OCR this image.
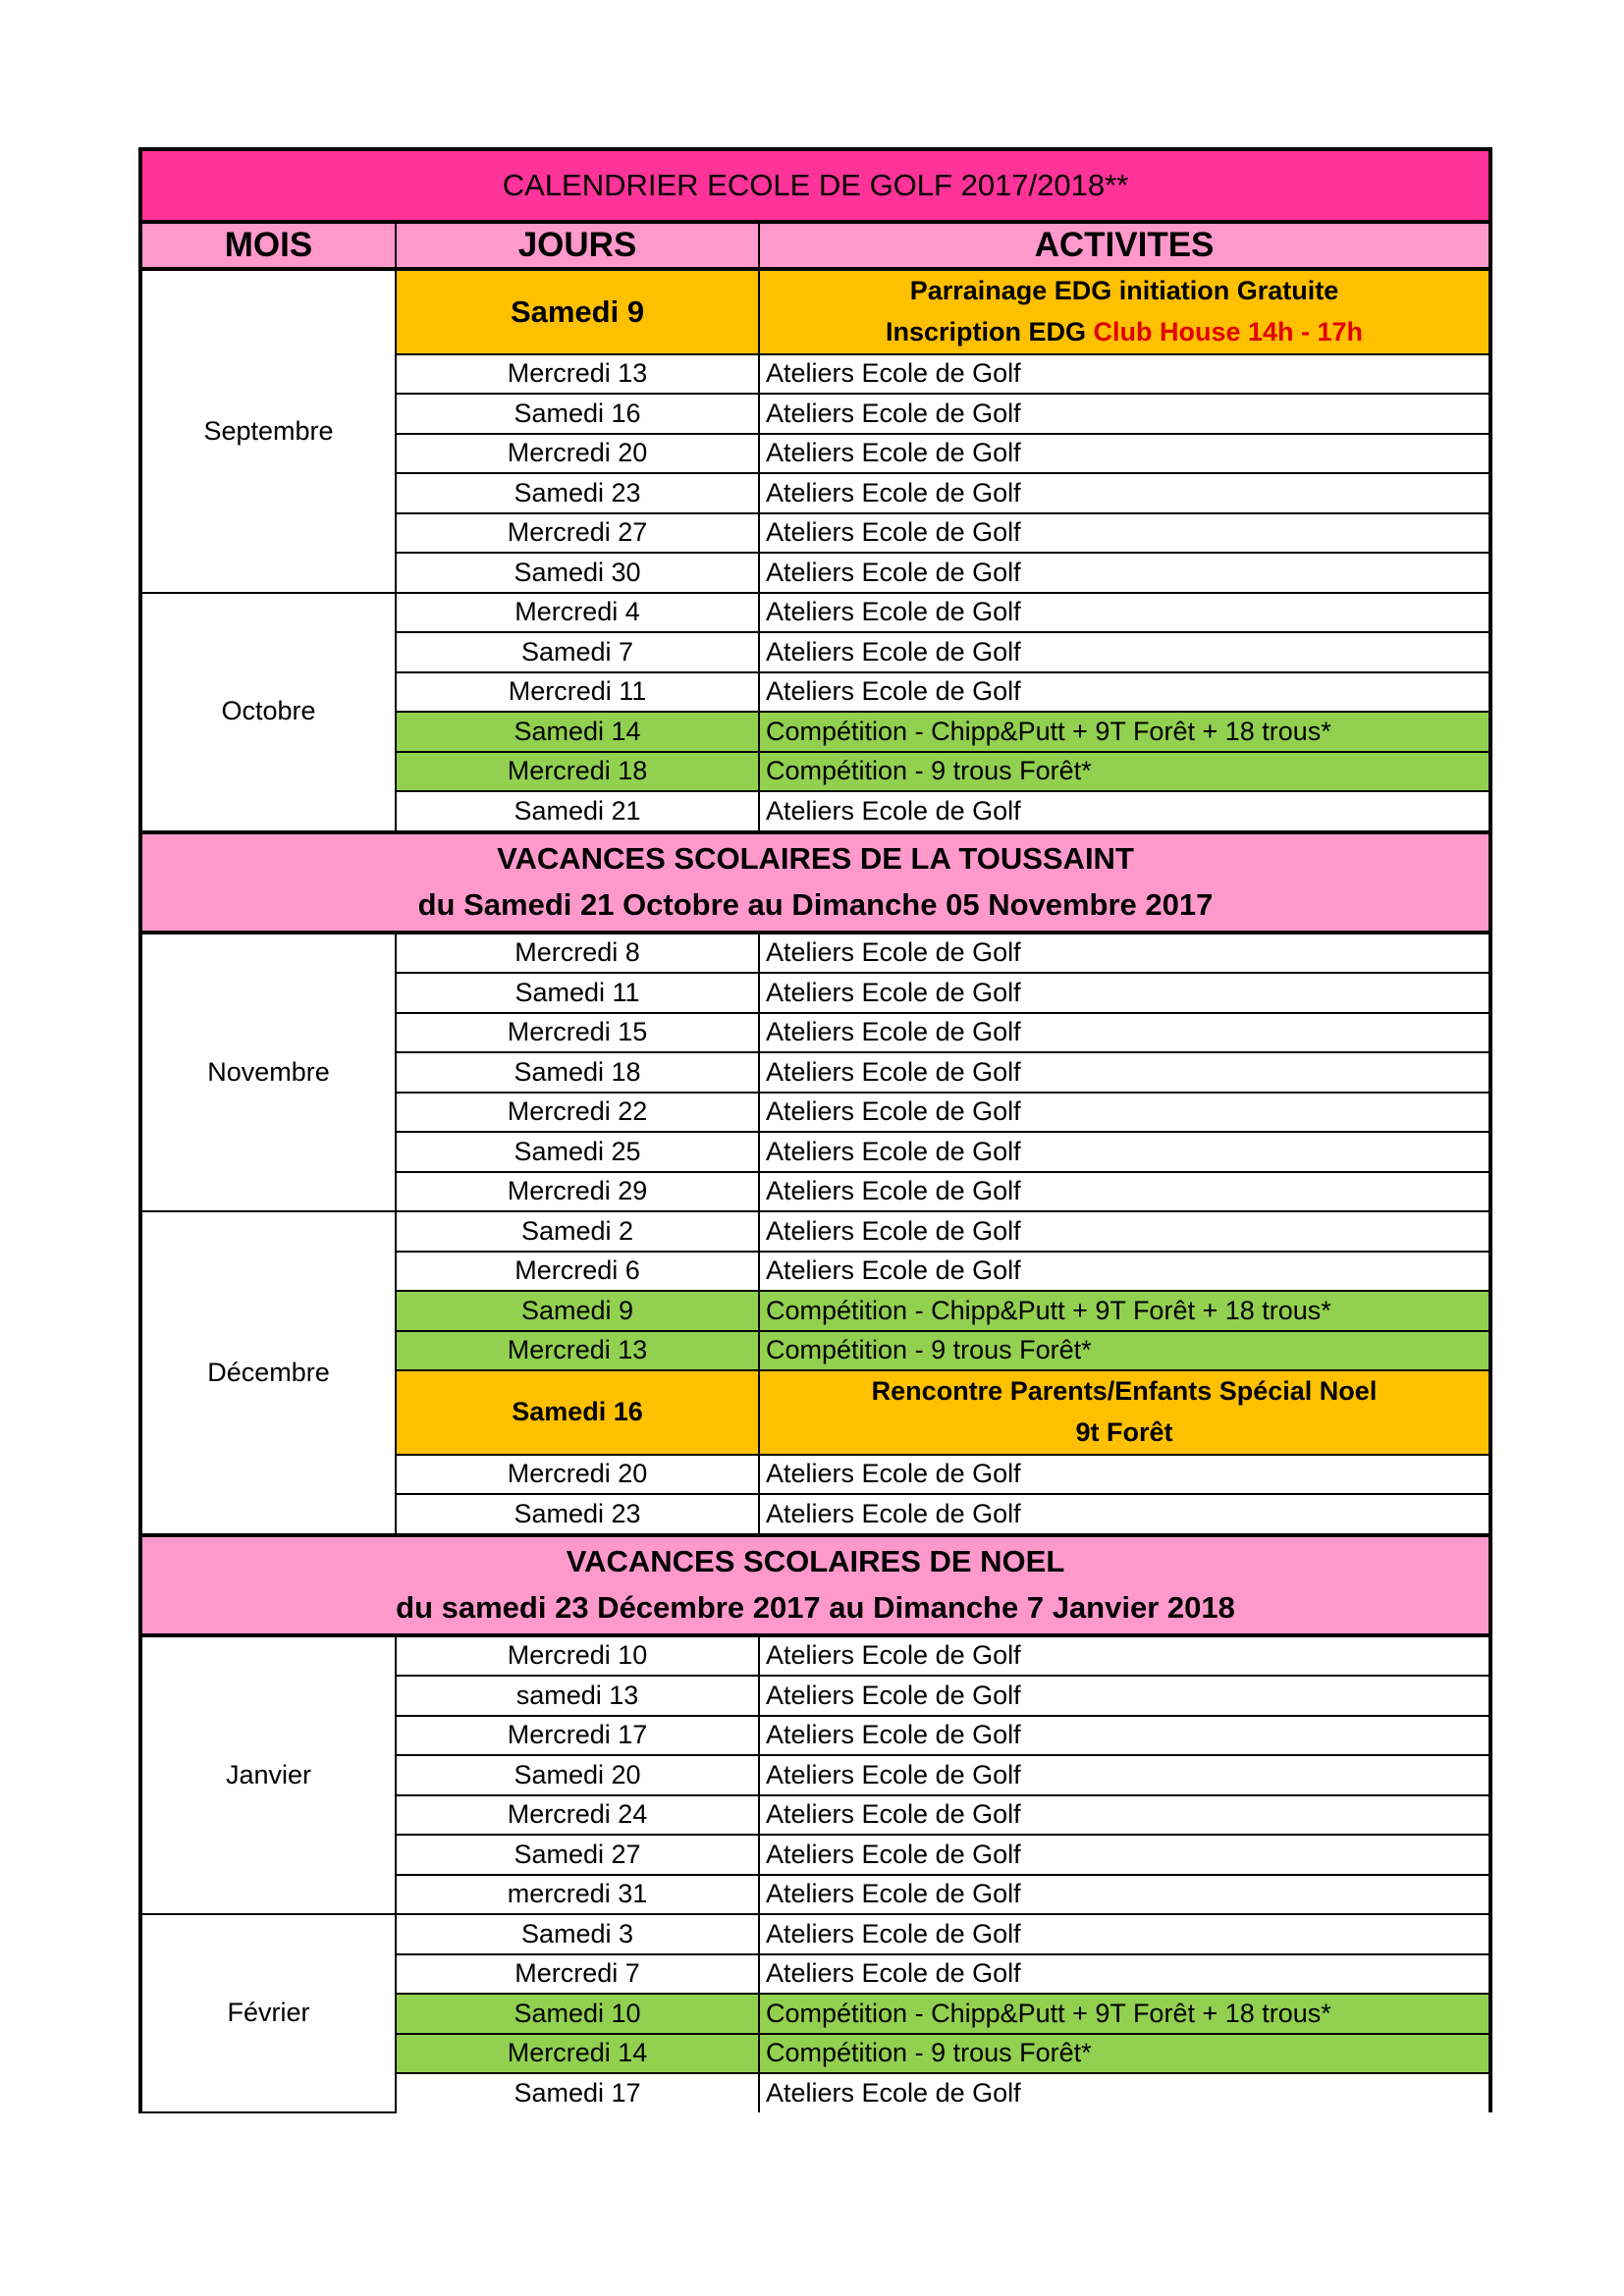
CALENDRIER ECOLE DE GOLF 2017/2018**		
MOIS	JOURS	ACTIVITES
Septembre	Samedi 9	Parrainage EDG initiation Gratuite
Inscription EDG Club House 14h - 17h

	Mercredi 13	Ateliers Ecole de Golf
	Samedi 16	Ateliers Ecole de Golf
	Mercredi 20	Ateliers Ecole de Golf
	Samedi 23	Ateliers Ecole de Golf
	Mercredi 27	Ateliers Ecole de Golf
	Samedi 30	Ateliers Ecole de Golf
Octobre	Mercredi 4	Ateliers Ecole de Golf
	Samedi 7	Ateliers Ecole de Golf
	Mercredi 11	Ateliers Ecole de Golf
	Samedi 14	Compétition - Chipp&Putt + 9T Forêt + 18 trous*
	Mercredi 18	Compétition - 9 trous Forêt*
	Samedi 21	Ateliers Ecole de Golf

VACANCES SCOLAIRES DE LA TOUSSAINT
du Samedi 21 Octobre au Dimanche 05 Novembre 2017		

Novembre	Mercredi 8	Ateliers Ecole de Golf
	Samedi 11	Ateliers Ecole de Golf
	Mercredi 15	Ateliers Ecole de Golf
	Samedi 18	Ateliers Ecole de Golf
	Mercredi 22	Ateliers Ecole de Golf
	Samedi 25	Ateliers Ecole de Golf
	Mercredi 29	Ateliers Ecole de Golf
Décembre	Samedi 2	Ateliers Ecole de Golf
	Mercredi 6	Ateliers Ecole de Golf
	Samedi 9	Compétition - Chipp&Putt + 9T Forêt + 18 trous*
	Mercredi 13	Compétition - 9 trous Forêt*
	Samedi 16	Rencontre Parents/Enfants Spécial Noel
9t Forêt

	Mercredi 20	Ateliers Ecole de Golf
	Samedi 23	Ateliers Ecole de Golf

VACANCES SCOLAIRES DE NOEL
du samedi 23 Décembre 2017 au Dimanche 7 Janvier 2018		

Janvier	Mercredi 10	Ateliers Ecole de Golf
	samedi 13	Ateliers Ecole de Golf
	Mercredi 17	Ateliers Ecole de Golf
	Samedi 20	Ateliers Ecole de Golf
	Mercredi 24	Ateliers Ecole de Golf
	Samedi 27	Ateliers Ecole de Golf
	mercredi 31	Ateliers Ecole de Golf
Février	Samedi 3	Ateliers Ecole de Golf
	Mercredi 7	Ateliers Ecole de Golf
	Samedi 10	Compétition - Chipp&Putt + 9T Forêt + 18 trous*
	Mercredi 14	Compétition - 9 trous Forêt*
	Samedi 17	Ateliers Ecole de Golf
